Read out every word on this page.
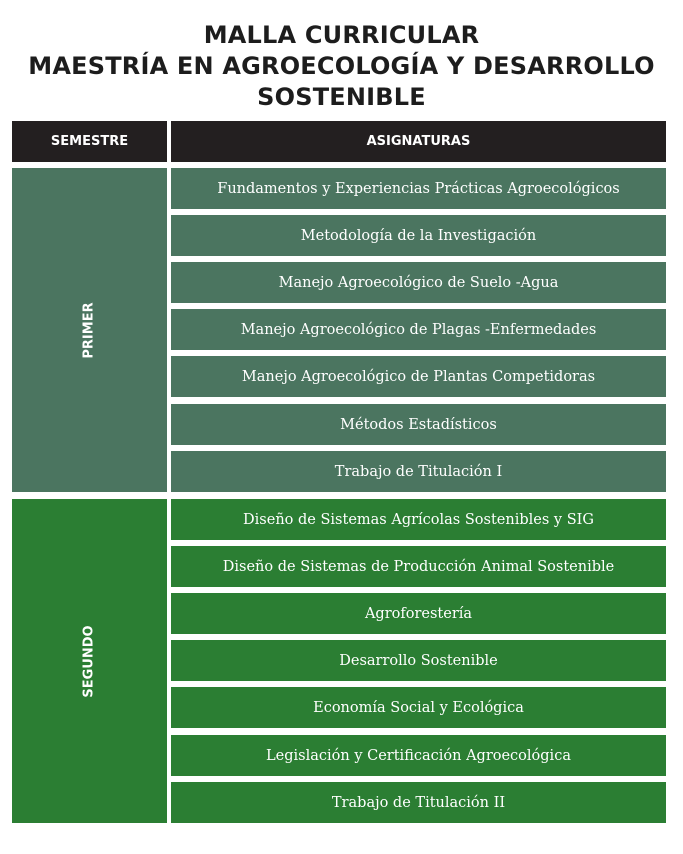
MALLA CURRICULAR
MAESTRÍA EN AGROECOLOGÍA Y DESARROLLO
SOSTENIBLE
SEMESTRE	ASIGNATURAS
PRIMER
Fundamentos y Experiencias Prácticas Agroecológicos
Metodología de la Investigación
Manejo Agroecológico de Suelo -Agua
Manejo Agroecológico de Plagas -Enfermedades
Manejo Agroecológico de Plantas Competidoras
Métodos Estadísticos
Trabajo de Titulación I
SEGUNDO
Diseño de Sistemas Agrícolas Sostenibles y SIG
Diseño de Sistemas de Producción Animal Sostenible
Agroforestería
Desarrollo Sostenible
Economía Social y Ecológica
Legislación y Certificación Agroecológica
Trabajo de Titulación II
